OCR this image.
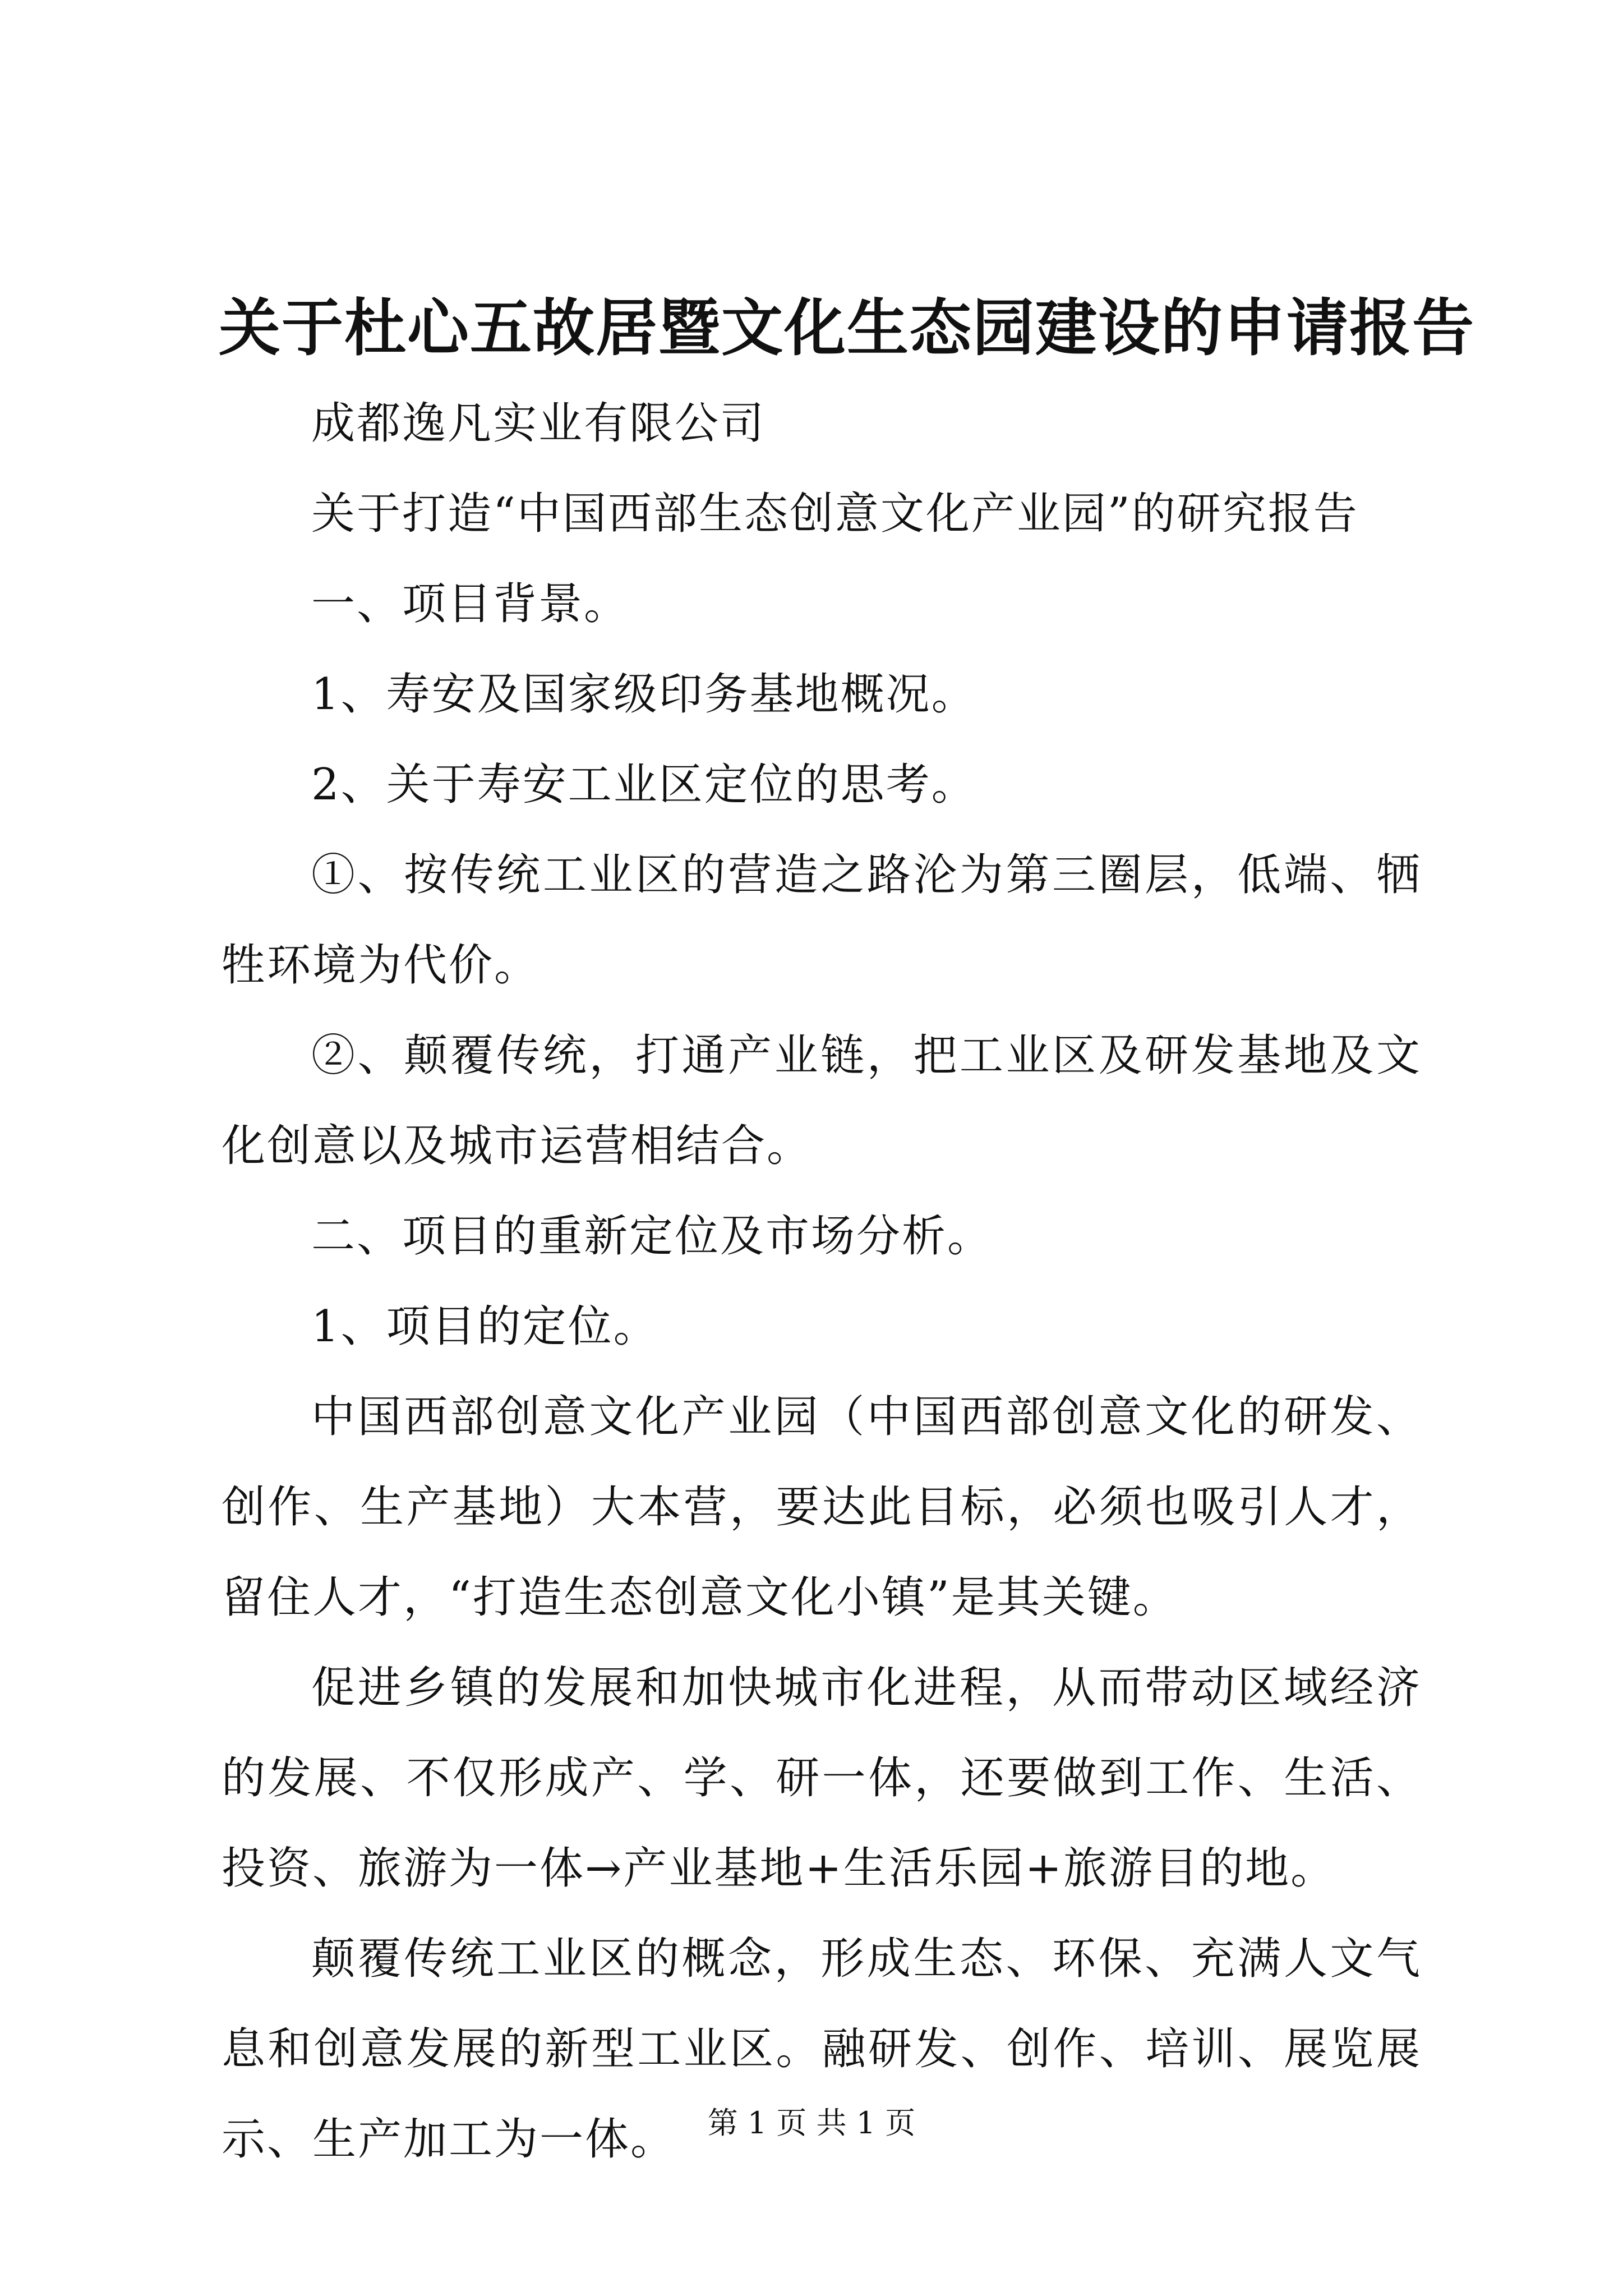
关于杜心五故居暨文化生态园建设的申请报告

成都逸凡实业有限公司

关于打造“中国西部生态创意文化产业园”的研究报告

一、项目背景。

1、寿安及国家级印务基地概况。

2、关于寿安工业区定位的思考。

①、按传统工业区的营造之路沦为第三圈层，低端、牺牲环境为代价。

②、颠覆传统，打通产业链，把工业区及研发基地及文化创意以及城市运营相结合。

二、项目的重新定位及市场分析。

1、项目的定位。

中国西部创意文化产业园（中国西部创意文化的研发、创作、生产基地）大本营，要达此目标，必须也吸引人才，留住人才，“打造生态创意文化小镇”是其关键。

促进乡镇的发展和加快城市化进程，从而带动区域经济的发展、不仅形成产、学、研一体，还要做到工作、生活、投资、旅游为一体→产业基地+生活乐园+旅游目的地。

颠覆传统工业区的概念，形成生态、环保、充满人文气息和创意发展的新型工业区。融研发、创作、培训、展览展示、生产加工为一体。	第 1 页 共 1 页
